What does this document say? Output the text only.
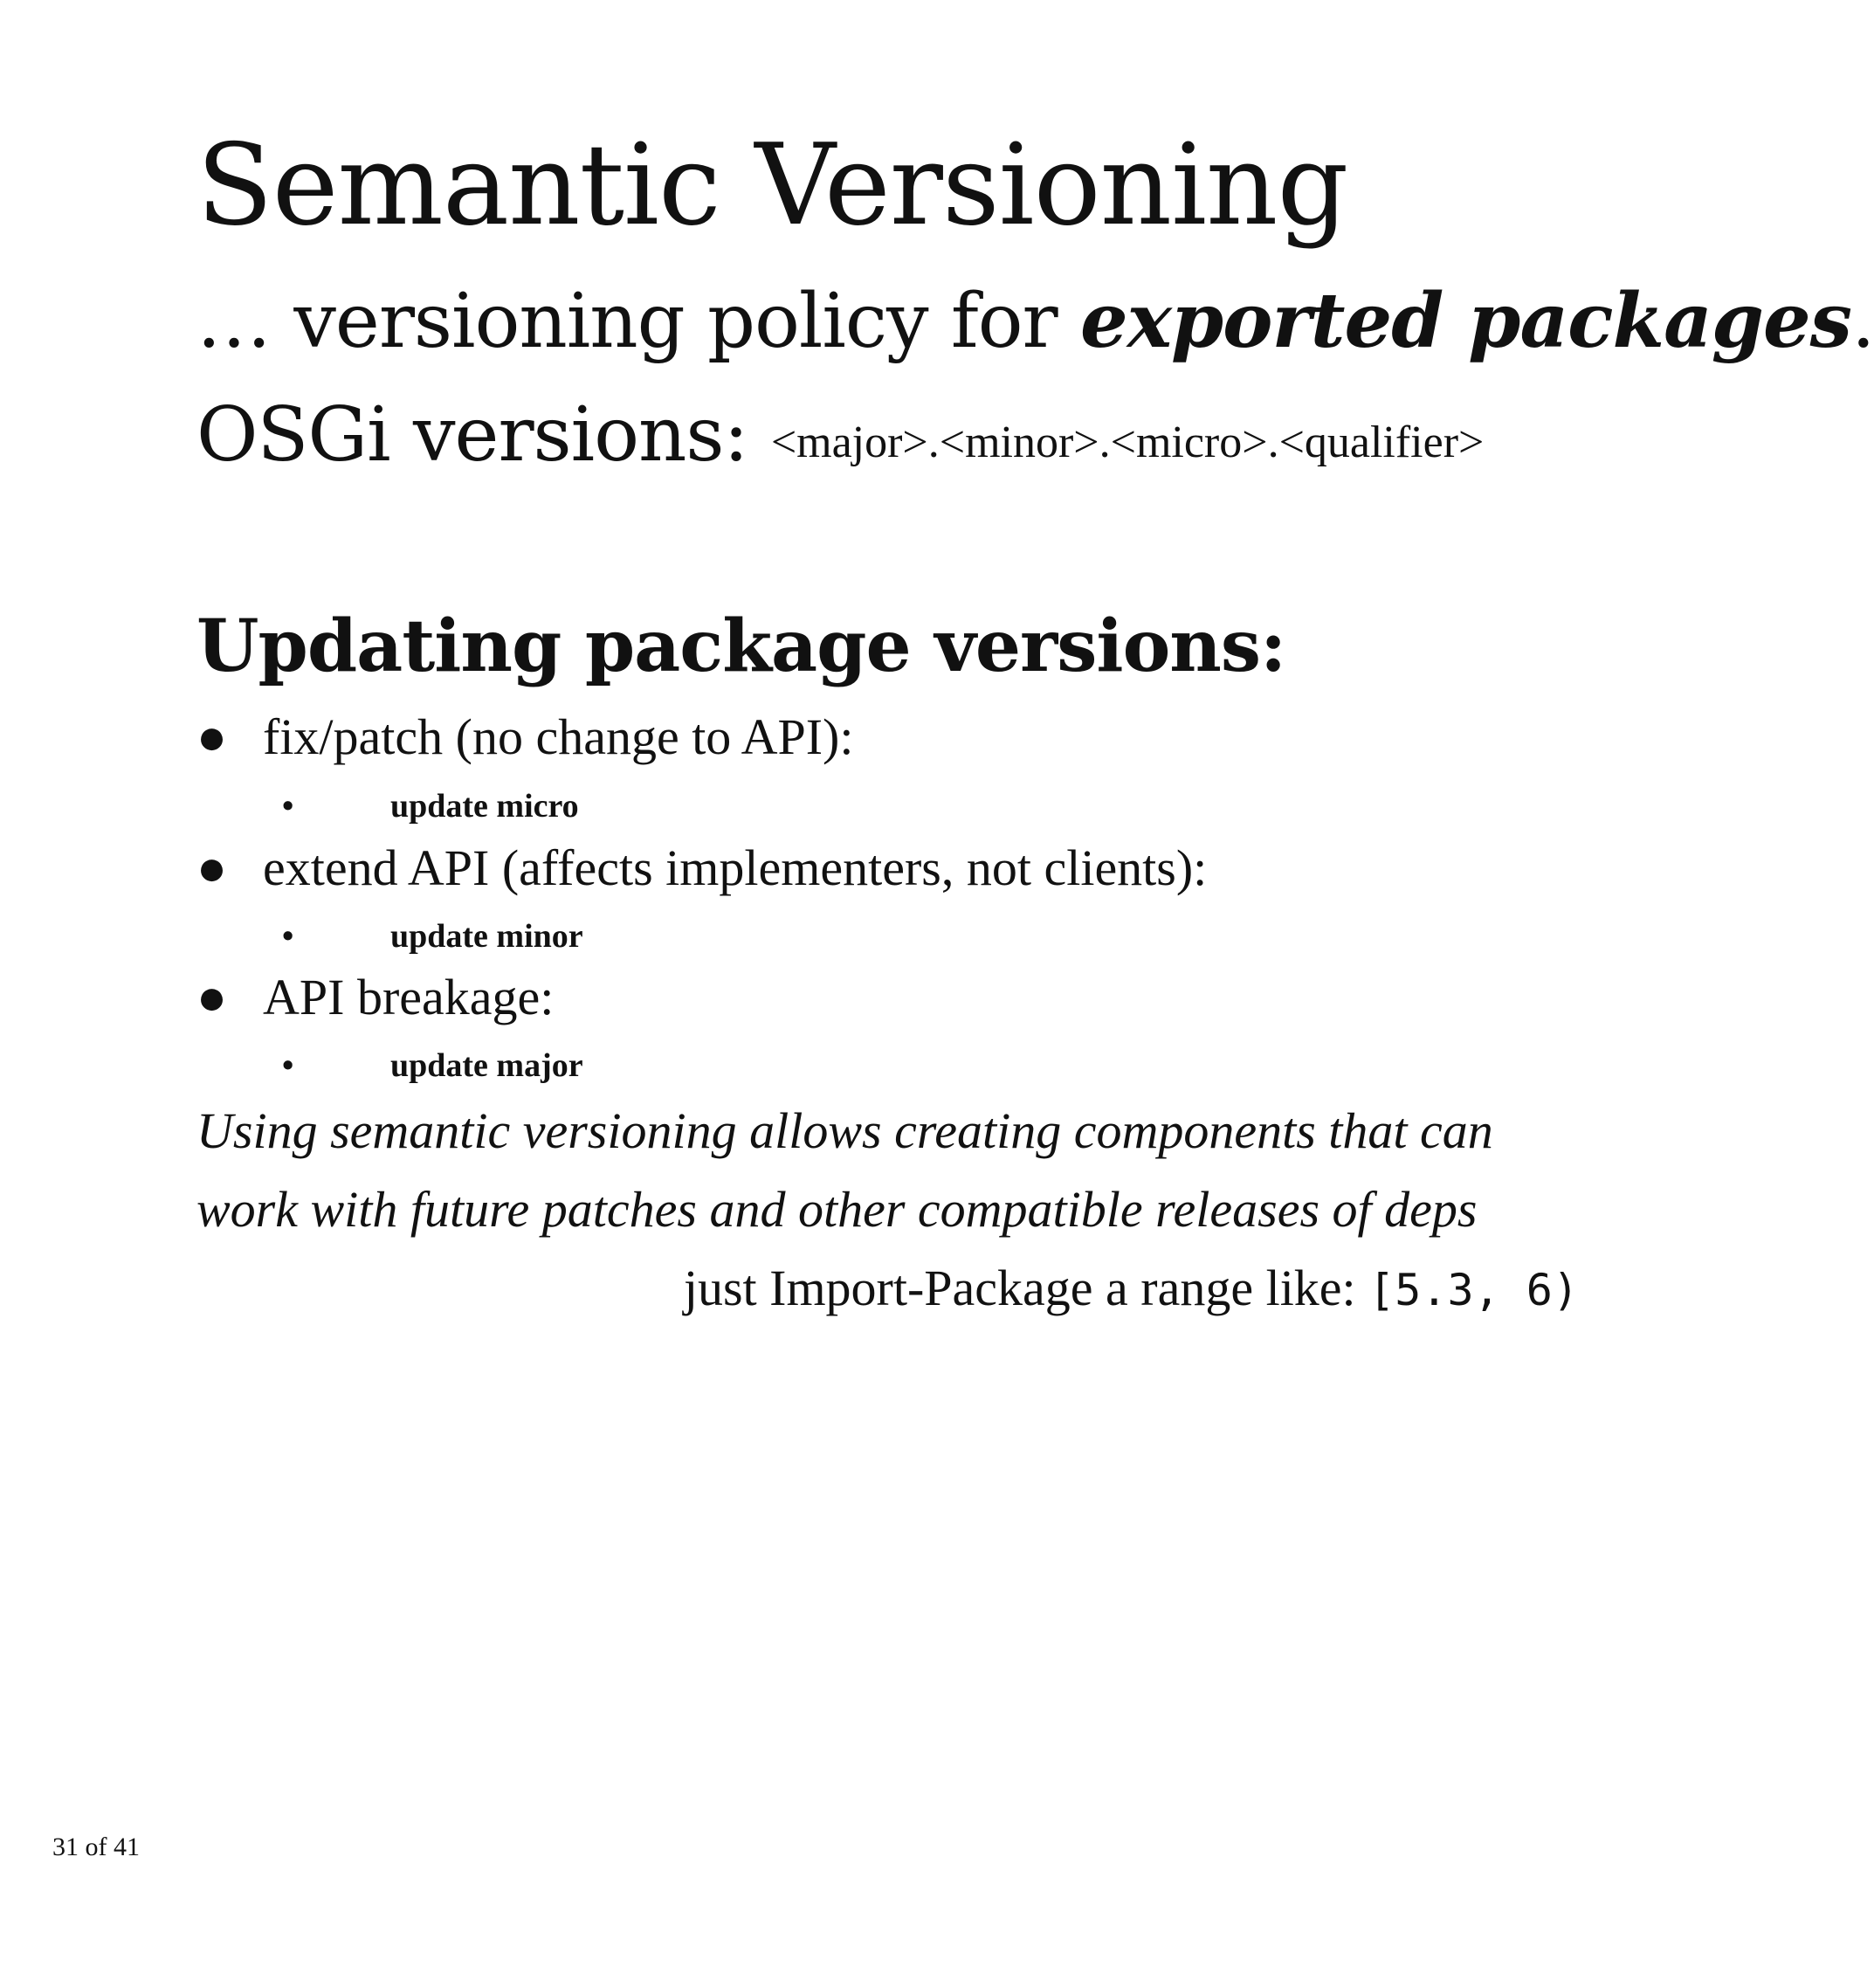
Semantic Versioning

… versioning policy for exported packages.

OSGi versions: <major>.<minor>.<micro>.<qualifier>

Updating package versions:
● fix/patch (no change to API):
•	update micro
● extend API (affects implementers, not clients):
•	update minor
● API breakage:
•	update major

Using semantic versioning allows creating components that can

work with future patches and other compatible releases of deps

just Import-Package a range like: [5.3, 6)

31 of 41
